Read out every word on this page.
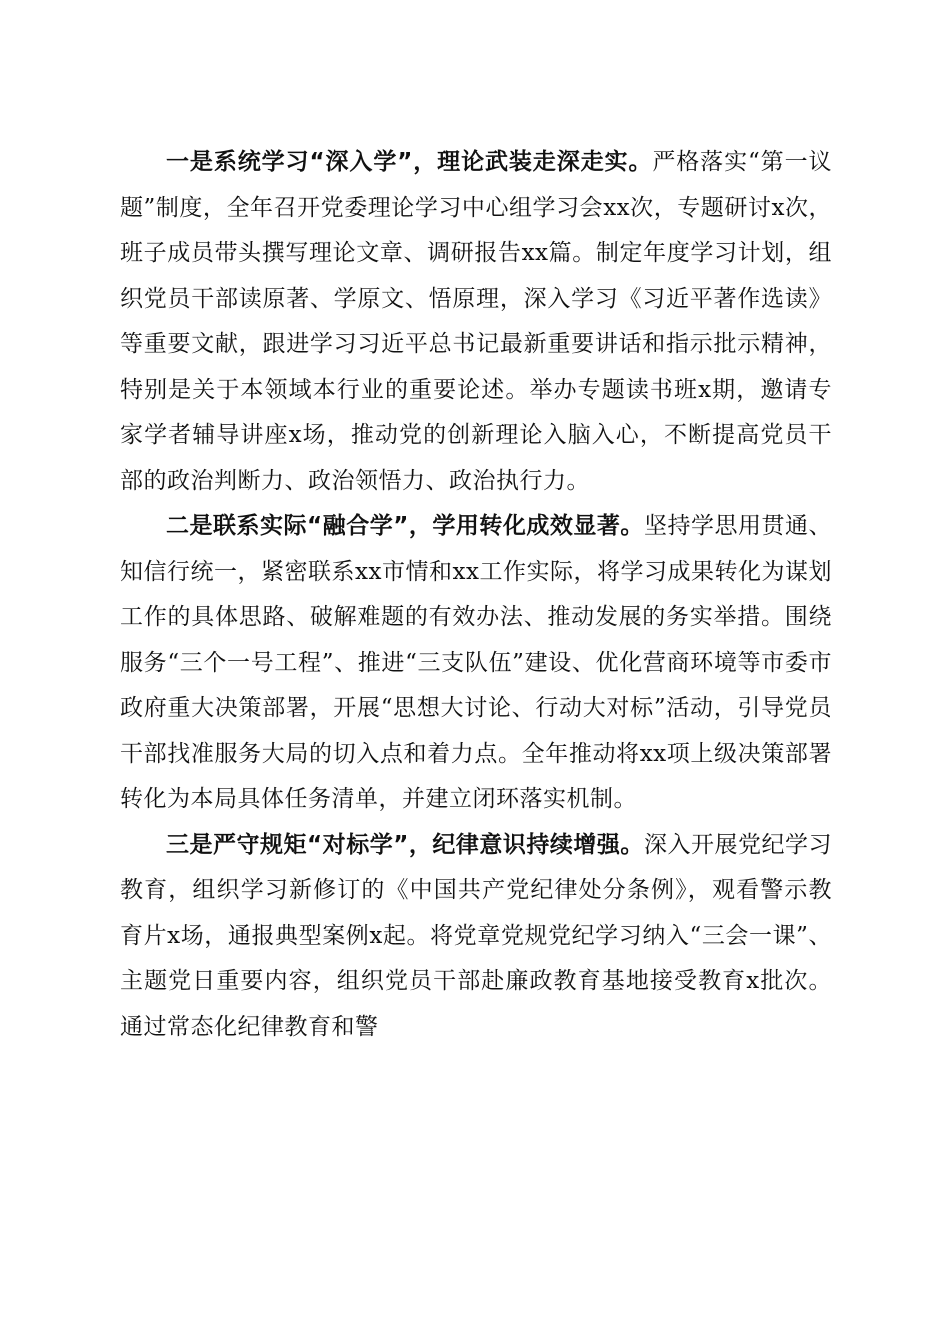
一是系统学习“深入学”，理论武装走深走实。严格落实“第一议题”制度，全年召开党委理论学习中心组学习会xx次，专题研讨x次，班子成员带头撰写理论文章、调研报告xx篇。制定年度学习计划，组织党员干部读原著、学原文、悟原理，深入学习《习近平著作选读》等重要文献，跟进学习习近平总书记最新重要讲话和指示批示精神，特别是关于本领域本行业的重要论述。举办专题读书班x期，邀请专家学者辅导讲座x场，推动党的创新理论入脑入心，不断提高党员干部的政治判断力、政治领悟力、政治执行力。

二是联系实际“融合学”，学用转化成效显著。坚持学思用贯通、知信行统一，紧密联系xx市情和xx工作实际，将学习成果转化为谋划工作的具体思路、破解难题的有效办法、推动发展的务实举措。围绕服务“三个一号工程”、推进“三支队伍”建设、优化营商环境等市委市政府重大决策部署，开展“思想大讨论、行动大对标”活动，引导党员干部找准服务大局的切入点和着力点。全年推动将xx项上级决策部署转化为本局具体任务清单，并建立闭环落实机制。

三是严守规矩“对标学”，纪律意识持续增强。深入开展党纪学习教育，组织学习新修订的《中国共产党纪律处分条例》，观看警示教育片x场，通报典型案例x起。将党章党规党纪学习纳入“三会一课”、主题党日重要内容，组织党员干部赴廉政教育基地接受教育x批次。通过常态化纪律教育和警
